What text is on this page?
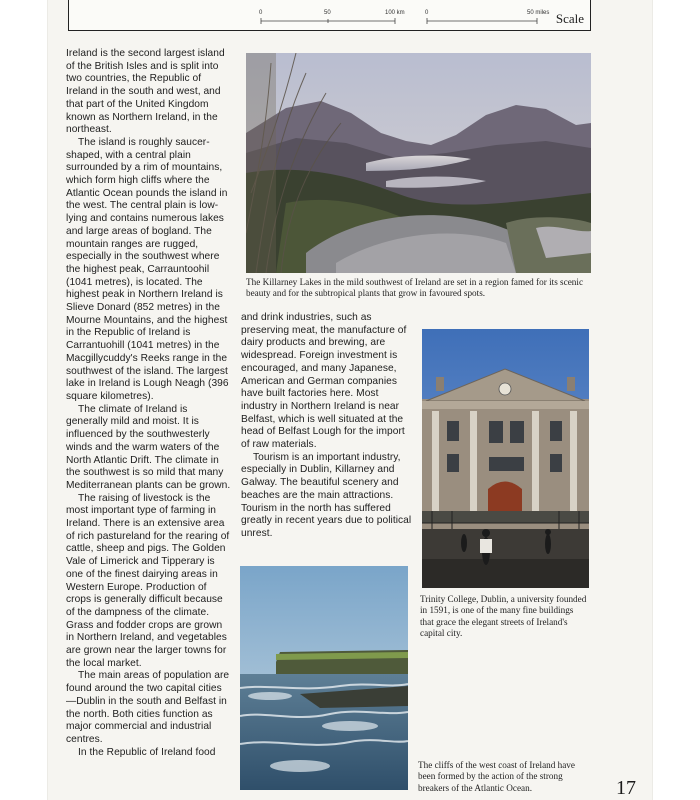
0	50	100 km	0	50 miles Scale

Ireland is the second largest island of the British Isles and is split into two countries, the Republic of Ireland in the south and west, and that part of the United Kingdom known as Northern Ireland, in the northeast.

The island is roughly saucer-shaped, with a central plain surrounded by a rim of mountains, which form high cliffs where the Atlantic Ocean pounds the island in the west. The central plain is low-lying and contains numerous lakes and large areas of bogland. The mountain ranges are rugged, especially in the southwest where the highest peak, Carrauntoohil (1041 metres), is located. The highest peak in Northern Ireland is Slieve Donard (852 metres) in the Mourne Mountains, and the highest in the Republic of Ireland is Carrantuohill (1041 metres) in the Macgillycuddy's Reeks range in the southwest of the island. The largest lake in Ireland is Lough Neagh (396 square kilometres).

The climate of Ireland is generally mild and moist. It is influenced by the southwesterly winds and the warm waters of the North Atlantic Drift. The climate in the southwest is so mild that many Mediterranean plants can be grown.

The raising of livestock is the most important type of farming in Ireland. There is an extensive area of rich pastureland for the rearing of cattle, sheep and pigs. The Golden Vale of Limerick and Tipperary is one of the finest dairying areas in Western Europe. Production of crops is generally difficult because of the dampness of the climate. Grass and fodder crops are grown in Northern Ireland, and vegetables are grown near the larger towns for the local market.

The main areas of population are found around the two capital cities —Dublin in the south and Belfast in the north. Both cities function as major commercial and industrial centres.

In the Republic of Ireland food

and drink industries, such as preserving meat, the manufacture of dairy products and brewing, are widespread. Foreign investment is encouraged, and many Japanese, American and German companies have built factories here. Most industry in Northern Ireland is near Belfast, which is well situated at the head of Belfast Lough for the import of raw materials.

Tourism is an important industry, especially in Dublin, Killarney and Galway. The beautiful scenery and beaches are the main attractions. Tourism in the north has suffered greatly in recent years due to political unrest.

The Killarney Lakes in the mild southwest of Ireland are set in a region famed for its scenic beauty and for the subtropical plants that grow in favoured spots.
Trinity College, Dublin, a university founded in 1591, is one of the many fine buildings that grace the elegant streets of Ireland's capital city.
The cliffs of the west coast of Ireland have been formed by the action of the strong breakers of the Atlantic Ocean.	17
